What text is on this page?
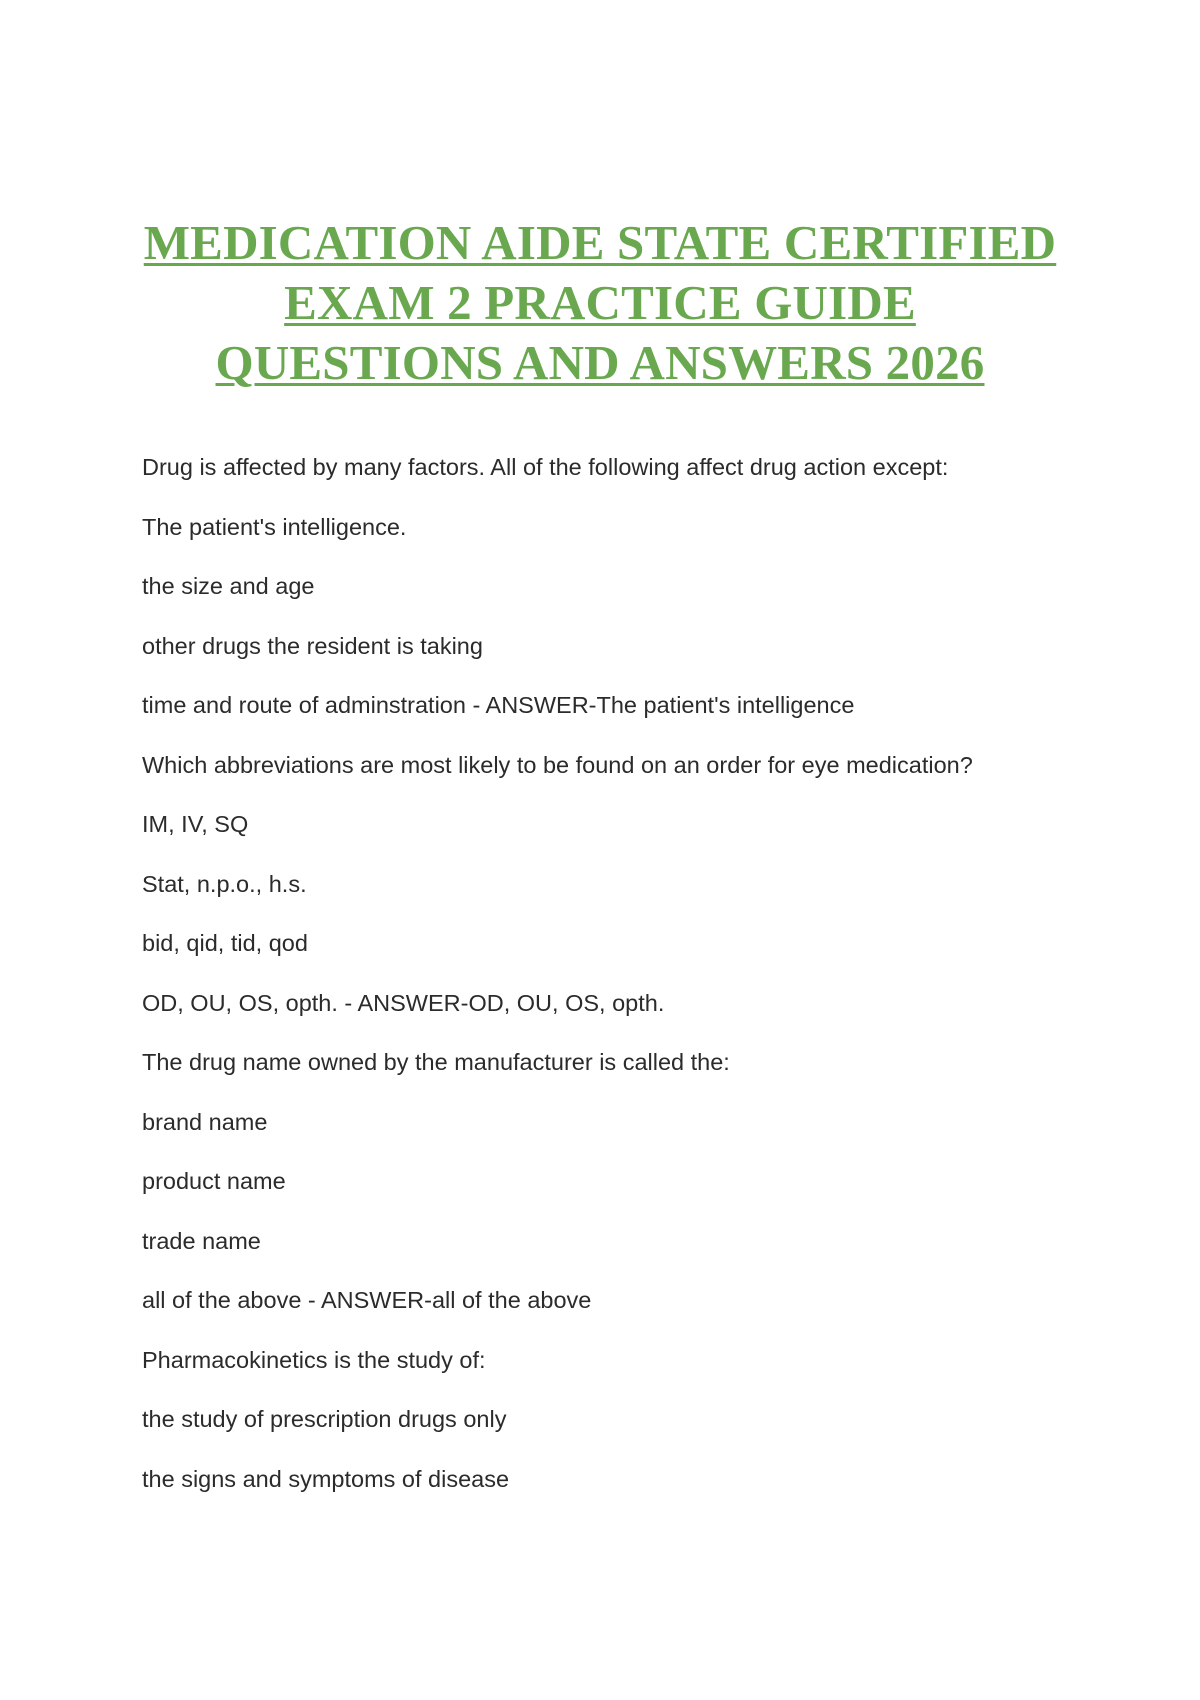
MEDICATION AIDE STATE CERTIFIED
EXAM 2 PRACTICE GUIDE
QUESTIONS AND ANSWERS 2026
Drug is affected by many factors. All of the following affect drug action except:
The patient's intelligence.
the size and age
other drugs the resident is taking
time and route of adminstration - ANSWER-The patient's intelligence
Which abbreviations are most likely to be found on an order for eye medication?
IM, IV, SQ
Stat, n.p.o., h.s.
bid, qid, tid, qod
OD, OU, OS, opth. - ANSWER-OD, OU, OS, opth.
The drug name owned by the manufacturer is called the:
brand name
product name
trade name
all of the above - ANSWER-all of the above
Pharmacokinetics is the study of:
the study of prescription drugs only
the signs and symptoms of disease
